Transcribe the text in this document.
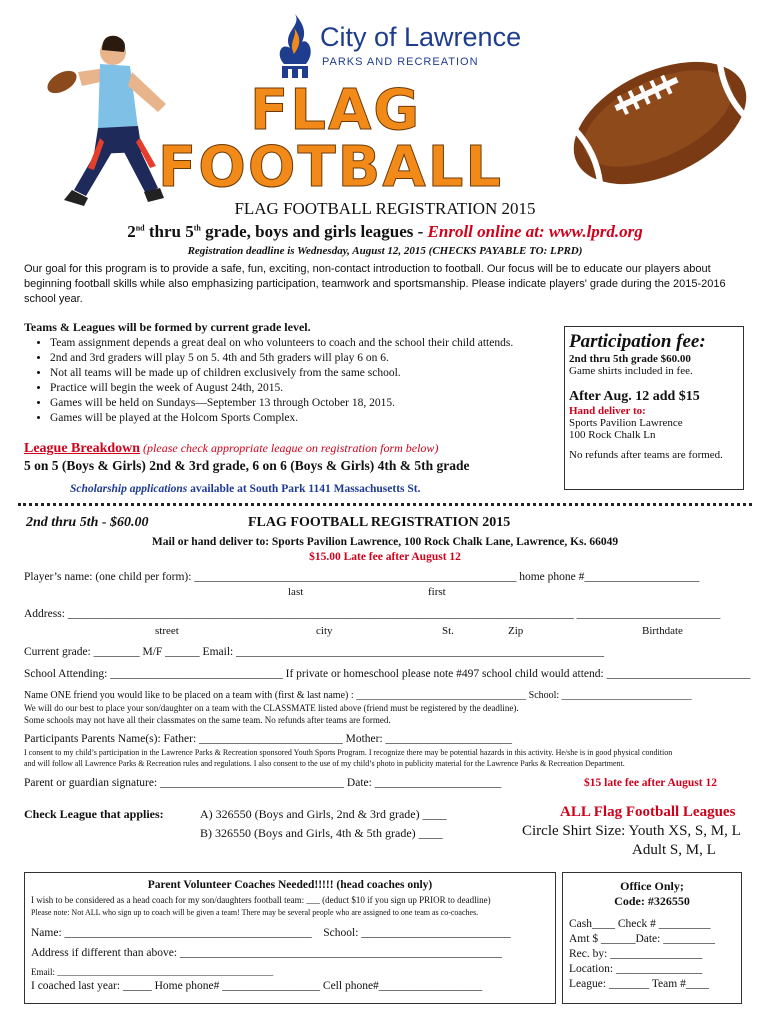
City of Lawrence
PARKS AND RECREATION
FLAG
FOOTBALL
FLAG FOOTBALL REGISTRATION 2015
2nd thru 5th grade, boys and girls leagues - Enroll online at: www.lprd.org
Registration deadline is Wednesday, August 12, 2015 (CHECKS PAYABLE TO: LPRD)
Our goal for this program is to provide a safe, fun, exciting, non-contact introduction to football. Our focus will be to educate our players about beginning football skills while also emphasizing participation, teamwork and sportsmanship. Please indicate players' grade during the 2015-2016 school year.
Teams & Leagues will be formed by current grade level.
• Team assignment depends a great deal on who volunteers to coach and the school their child attends.
• 2nd and 3rd graders will play 5 on 5. 4th and 5th graders will play 6 on 6.
• Not all teams will be made up of children exclusively from the same school.
• Practice will begin the week of August 24th, 2015.
• Games will be held on Sundays—September 13 through October 18, 2015.
• Games will be played at the Holcom Sports Complex.
Participation fee:
2nd thru 5th grade $60.00
Game shirts included in fee.
After Aug. 12 add $15
Hand deliver to:
Sports Pavilion Lawrence
100 Rock Chalk Ln
No refunds after teams are formed.
League Breakdown (please check appropriate league on registration form below)
5 on 5 (Boys & Girls) 2nd & 3rd grade, 6 on 6 (Boys & Girls) 4th & 5th grade
Scholarship applications available at South Park 1141 Massachusetts St.
2nd thru 5th - $60.00	FLAG FOOTBALL REGISTRATION 2015
Mail or hand deliver to: Sports Pavilion Lawrence, 100 Rock Chalk Lane, Lawrence, Ks. 66049
$15.00 Late fee after August 12
Player’s name: (one child per form): ________________________________________________________ home phone #____________________
last	first
Address: ________________________________________________________________________________________ _________________________
street	city	St.	Zip	Birthdate
Current grade: ________ M/F ______ Email: ________________________________________________________________
School Attending: ______________________________ If private or homeschool please note #497 school child would attend: _________________________
Name ONE friend you would like to be placed on a team with (first & last name) : __________________________________ School: __________________________
We will do our best to place your son/daughter on a team with the CLASSMATE listed above (friend must be registered by the deadline).
Some schools may not have all their classmates on the same team. No refunds after teams are formed.
Participants Parents Name(s): Father: _________________________ Mother: ______________________
I consent to my child’s participation in the Lawrence Parks & Recreation sponsored Youth Sports Program. I recognize there may be potential hazards in this activity. He/she is in good physical condition
and will follow all Lawrence Parks & Recreation rules and regulations. I also consent to the use of my child’s photo in publicity material for the Lawrence Parks & Recreation Department.
Parent or guardian signature: ________________________________ Date: ______________________	$15 late fee after August 12
Check League that applies:	A) 326550 (Boys and Girls, 2nd & 3rd grade) ____
B) 326550 (Boys and Girls, 4th & 5th grade) ____
ALL Flag Football Leagues
Circle Shirt Size: Youth XS, S, M, L
Adult S, M, L
Parent Volunteer Coaches Needed!!!!! (head coaches only)
I wish to be considered as a head coach for my son/daughters football team: ___ (deduct $10 if you sign up PRIOR to deadline)
Please note: Not ALL who sign up to coach will be given a team! There may be several people who are assigned to one team as co-coaches.
Name: ___________________________________________ School: __________________________
Address if different than above: ________________________________________________________
Email: ________________________________________________
I coached last year: _____ Home phone# _________________ Cell phone#__________________
Office Only;
Code: #326550
Cash____ Check # _________
Amt $ ______Date: _________
Rec. by: ________________
Location: _______________
League: _______ Team #____
